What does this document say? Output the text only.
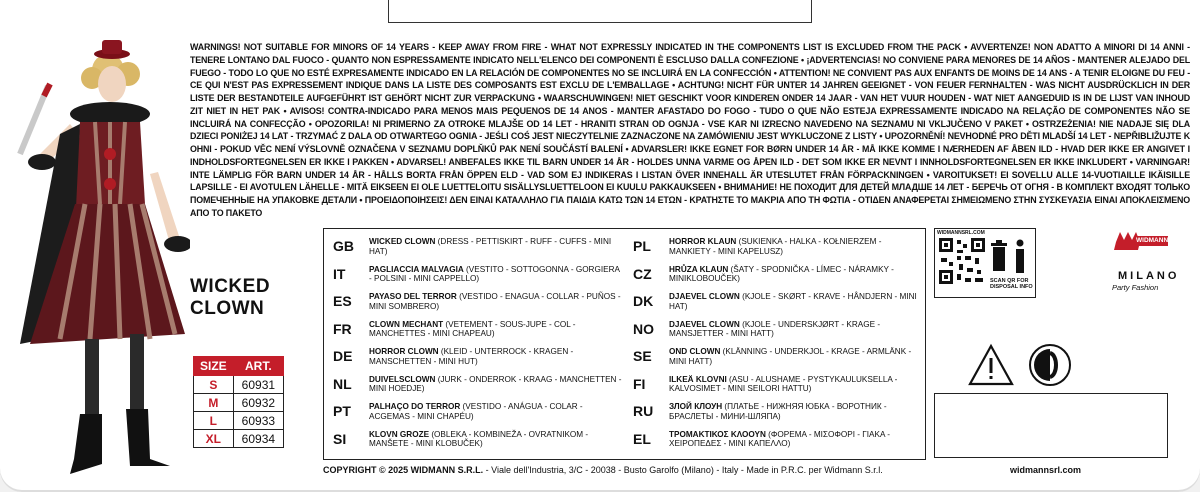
WARNINGS! NOT SUITABLE FOR MINORS OF 14 YEARS - KEEP AWAY FROM FIRE - WHAT NOT EXPRESSLY INDICATED IN THE COMPONENTS LIST IS EXCLUDED FROM THE PACK • AVVERTENZE! NON ADATTO A MINORI DI 14 ANNI - TENERE LONTANO DAL FUOCO - QUANTO NON ESPRESSAMENTE INDICATO NELL'ELENCO DEI COMPONENTI È ESCLUSO DALLA CONFEZIONE • ¡ADVERTENCIAS! NO CONVIENE PARA MENORES DE 14 AÑOS - MANTENER ALEJADO DEL FUEGO - TODO LO QUE NO ESTÉ EXPRESAMENTE INDICADO EN LA RELACIÓN DE COMPONENTES NO SE INCLUIRÁ EN LA CONFECCIÓN • ATTENTION! NE CONVIENT PAS AUX ENFANTS DE MOINS DE 14 ANS - A TENIR ELOIGNE DU FEU - CE QUI N'EST PAS EXPRESSEMENT INDIQUE DANS LA LISTE DES COMPOSANTS EST EXCLU DE L'EMBALLAGE • ACHTUNG! NICHT FÜR UNTER 14 JAHREN GEEIGNET - VON FEUER FERNHALTEN - WAS NICHT AUSDRÜCKLICH IN DER LISTE DER BESTANDTEILE AUFGEFÜHRT IST GEHÖRT NICHT ZUR VERPACKUNG • WAARSCHUWINGEN! NIET GESCHIKT VOOR KINDEREN ONDER 14 JAAR - VAN HET VUUR HOUDEN - WAT NIET AANGEDUID IS IN DE LIJST VAN INHOUD ZIT NIET IN HET PAK • AVISOS! CONTRA-INDICADO PARA MENOS MAIS PEQUENOS DE 14 ANOS - MANTER AFASTADO DO FOGO - TUDO O QUE NÃO ESTEJA EXPRESSAMENTE INDICADO NA RELAÇÃO DE COMPONENTES NÃO SE INCLUIRÁ NA CONFECÇÃO • OPOZORILA! NI PRIMERNO ZA OTROKE MLAJŠE OD 14 LET - HRANITI STRAN OD OGNJA - VSE KAR NI IZRECNO NAVEDENO NA SEZNAMU NI VKLJUČENO V PAKET • OSTRZEŻENIA! NIE NADAJE SIĘ DLA DZIECI PONIŻEJ 14 LAT - TRZYMAĆ Z DALA OD OTWARTEGO OGNIA - JEŚLI COŚ JEST NIECZYTELNIE ZAZNACZONE NA ZAMÓWIENIU JEST WYKLUCZONE Z LISTY • UPOZORNĚNÍ! NEVHODNÉ PRO DĚTI MLADŠÍ 14 LET - NEPŘIBLIŽUJTE K OHNI - POKUD VĚC NENÍ VÝSLOVNĚ OZNAČENA V SEZNAMU DOPLŇKŮ PAK NENÍ SOUČÁSTÍ BALENÍ • ADVARSLER! IKKE EGNET FOR BØRN UNDER 14 ÅR - MÅ IKKE KOMME I NÆRHEDEN AF ÅBEN ILD - HVAD DER IKKE ER ANGIVET I INDHOLDSFORTEGNELSEN ER IKKE I PAKKEN • ADVARSEL! ANBEFALES IKKE TIL BARN UNDER 14 ÅR - HOLDES UNNA VARME OG ÅPEN ILD - DET SOM IKKE ER NEVNT I INNHOLDSFORTEGNELSEN ER IKKE INKLUDERT • VARNINGAR! INTE LÄMPLIG FÖR BARN UNDER 14 ÅR - HÅLLS BORTA FRÅN ÖPPEN ELD - VAD SOM EJ INDIKERAS I LISTAN ÖVER INNEHALL ÄR UTESLUTET FRÅN FÖRPACKNINGEN • VAROITUKSET! EI SOVELLU ALLE 14-VUOTIAILLE IKÄISILLE LAPSILLE - EI AVOTULEN LÄHELLE - MITÄ EIKSEEN EI OLE LUETTELOITU SISÄLLYSLUETTELOON EI KUULU PAKKAUKSEEN • ВНИМАНИЕ! НЕ ПОХОДИТ ДЛЯ ДЕТЕЙ МЛАДШЕ 14 ЛЕТ - БЕРЕЧЬ ОТ ОГНЯ - В КОМПЛЕКТ ВХОДЯТ ТОЛЬКО ПОМЕЧЕННЫЕ НА УПАКОВКЕ ДЕТАЛИ • ΠΡΟΕΙΔΟΠΟΙΗΣΕΙΣ! ΔΕΝ ΕΙΝΑΙ ΚΑΤΑΛΛΗΛΟ ΓΙΑ ΠΑΙΔΙΑ ΚΑΤΩ ΤΩΝ 14 ΕΤΩΝ - ΚΡΑΤΗΣΤΕ ΤΟ ΜΑΚΡΙΑ ΑΠΟ ΤΗ ΦΩΤΙΑ - ΟΤΙΔΕΝ ΑΝΑΦΕΡΕΤΑΙ ΣΗΜΕΙΩΜΕΝΟ ΣΤΗΝ ΣΥΣΚΕΥΑΣΙΑ ΕΙΝΑΙ ΑΠΟΚΛΕΙΣΜΕΝΟ ΑΠΟ ΤΟ ΠΑΚΕΤΟ
WICKED
CLOWN
SIZE	ART.
S	60931
M	60932
L	60933
XL	60934
GB	WICKED CLOWN (DRESS - PETTISKIRT - RUFF - CUFFS - MINI HAT)
IT	PAGLIACCIA MALVAGIA (VESTITO - SOTTOGONNA - GORGIERA - POLSINI - MINI CAPPELLO)
ES	PAYASO DEL TERROR (VESTIDO - ENAGUA - COLLAR - PUÑOS - MINI SOMBRERO)
FR	CLOWN MECHANT (VETEMENT - SOUS-JUPE - COL - MANCHETTES - MINI CHAPEAU)
DE	HORROR CLOWN (KLEID - UNTERROCK - KRAGEN - MANSCHETTEN - MINI HUT)
NL	DUIVELSCLOWN (JURK - ONDERROK - KRAAG - MANCHETTEN - MINI HOEDJE)
PT	PALHAÇO DO TERROR (VESTIDO - ANÁGUA - COLAR - ACGEMAS - MINI CHAPÉU)
SI	KLOVN GROZE (OBLEKA - KOMBINEŽA - OVRATNIKOM - MANŠETE - MINI KLOBUČEK)
PL	HORROR KLAUN (SUKIENKA - HALKA - KOŁNIERZEM - MANKIETY - MINI KAPELUSZ)
CZ	HRŮZA KLAUN (ŠATY - SPODNIČKA - LÍMEC - NÁRAMKY - MINIKLOBOUČEK)
DK	DJAEVEL CLOWN (KJOLE - SKØRT - KRAVE - HÅNDJERN - MINI HAT)
NO	DJAEVEL CLOWN (KJOLE - UNDERSKJØRT - KRAGE - MANSJETTER - MINI HATT)
SE	OND CLOWN (KLÄNNING - UNDERKJOL - KRAGE - ARMLÄNK - MINI HATT)
FI	ILKEÄ KLOVNI (ASU - ALUSHAME - PYSTYKAULUKSELLA - KALVOSIMET - MINI SEILORI HATTU)
RU	ЗЛОЙ КЛОУН (ПЛАТЬЕ - НИЖНЯЯ ЮБКА - ВОРОТНИК - БРАСЛЕТЫ - МИНИ-ШЛЯПА)
EL	ΤΡΟΜΑΚΤΙΚΟΣ ΚΛΟΟΥΝ (ΦΟΡΕΜΑ - ΜΙΣΟΦΟΡΙ - ΓΙΑΚΑ - ΧΕΙΡΟΠΕΔΕΣ - ΜΙΝΙ ΚΑΠΕΛΛΟ)
COPYRIGHT © 2025 WIDMANN S.R.L. - Viale dell'Industria, 3/C - 20038 - Busto Garolfo (Milano) - Italy - Made in P.R.C. per Widmann S.r.l.	widmannsrl.com
WIDMANNSRL.COM
SCAN QR FOR DISPOSAL INFO
WIDMANN
MILANO
Party Fashion
